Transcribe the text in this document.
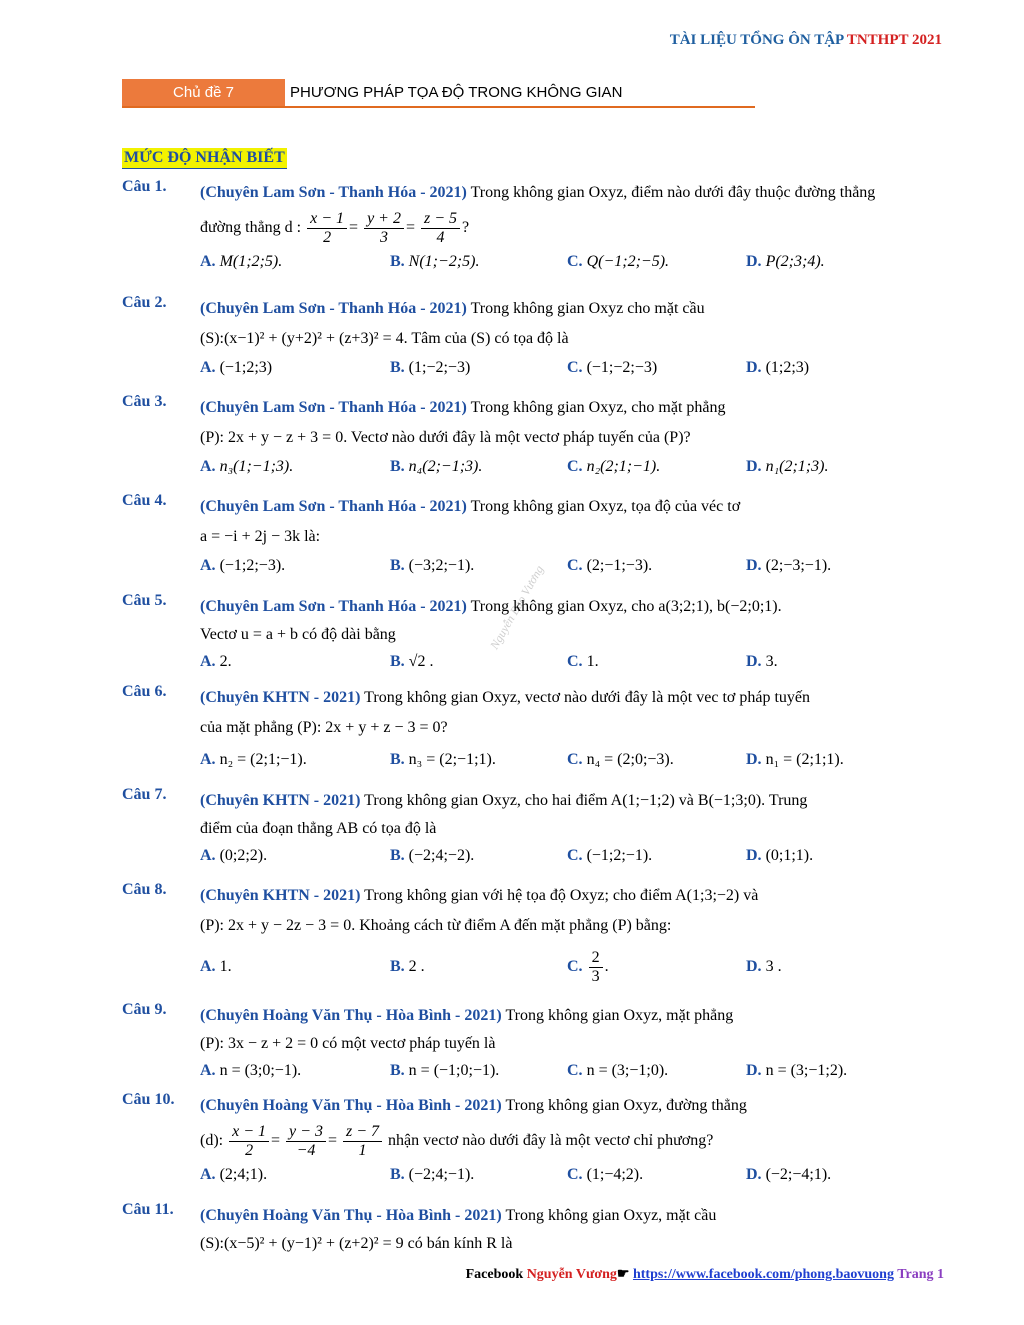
TÀI LIỆU TỔNG ÔN TẬP TNTHPT 2021
Chủ đề 7	PHƯƠNG PHÁP TỌA ĐỘ TRONG KHÔNG GIAN
MỨC ĐỘ NHẬN BIẾT
Nguyễn Bảo Vương
Câu 1. (Chuyên Lam Sơn - Thanh Hóa - 2021) Trong không gian Oxyz, điểm nào dưới đây thuộc đường thẳng
đường thẳng d : $\frac{x - 1}{2} = \frac{y + 2}{3} = \frac{z - 5}{4}$ ?
A. M(1;2;5).	B. N(1;−2;5).	C. Q(−1;2;−5).	D. P(2;3;4).
Câu 2. (Chuyên Lam Sơn - Thanh Hóa - 2021) Trong không gian Oxyz cho mặt cầu
(S):(x−1)² + (y+2)² + (z+3)² = 4. Tâm của (S) có tọa độ là
A. (−1;2;3)	B. (1;−2;−3)	C. (−1;−2;−3)	D. (1;2;3)
Câu 3. (Chuyên Lam Sơn - Thanh Hóa - 2021) Trong không gian Oxyz, cho mặt phẳng
(P): 2x + y − z + 3 = 0. Vectơ nào dưới đây là một vectơ pháp tuyến của (P)?
A. n₃(1;−1;3).	B. n₄(2;−1;3).	C. n₂(2;1;−1).	D. n₁(2;1;3).
Câu 4. (Chuyên Lam Sơn - Thanh Hóa - 2021) Trong không gian Oxyz, tọa độ của véc tơ
a = −i + 2j − 3k là:
A. (−1;2;−3).	B. (−3;2;−1).	C. (2;−1;−3).	D. (2;−3;−1).
Câu 5. (Chuyên Lam Sơn - Thanh Hóa - 2021) Trong không gian Oxyz, cho a(3;2;1), b(−2;0;1).
Vectơ u = a + b có độ dài bằng
A. 2.	B. √2 .	C. 1.	D. 3.
Câu 6. (Chuyên KHTN - 2021) Trong không gian Oxyz, vectơ nào dưới đây là một vec tơ pháp tuyến
của mặt phẳng (P): 2x + y + z − 3 = 0?
A. n₂ = (2;1;−1).	B. n₃ = (2;−1;1).	C. n₄ = (2;0;−3).	D. n₁ = (2;1;1).
Câu 7. (Chuyên KHTN - 2021) Trong không gian Oxyz, cho hai điểm A(1;−1;2) và B(−1;3;0). Trung
điểm của đoạn thẳng AB có tọa độ là
A. (0;2;2).	B. (−2;4;−2).	C. (−1;2;−1).	D. (0;1;1).
Câu 8. (Chuyên KHTN - 2021) Trong không gian với hệ tọa độ Oxyz; cho điểm A(1;3;−2) và
(P): 2x + y − 2z − 3 = 0. Khoảng cách từ điểm A đến mặt phẳng (P) bằng:
A. 1.	B. 2 .	C. $\frac{2}{3}$ .	D. 3 .
Câu 9. (Chuyên Hoàng Văn Thụ - Hòa Bình - 2021) Trong không gian Oxyz, mặt phẳng
(P): 3x − z + 2 = 0 có một vectơ pháp tuyến là
A. n = (3;0;−1).	B. n = (−1;0;−1).	C. n = (3;−1;0).	D. n = (3;−1;2).
Câu 10. (Chuyên Hoàng Văn Thụ - Hòa Bình - 2021) Trong không gian Oxyz, đường thẳng
(d): $\frac{x - 1}{2} = \frac{y - 3}{-4} = \frac{z - 7}{1}$ nhận vectơ nào dưới đây là một vectơ chỉ phương?
A. (2;4;1).	B. (−2;4;−1).	C. (1;−4;2).	D. (−2;−4;1).
Câu 11. (Chuyên Hoàng Văn Thụ - Hòa Bình - 2021) Trong không gian Oxyz, mặt cầu
(S):(x−5)² + (y−1)² + (z+2)² = 9 có bán kính R là
Facebook Nguyễn Vương☛ https://www.facebook.com/phong.baovuong Trang 1
